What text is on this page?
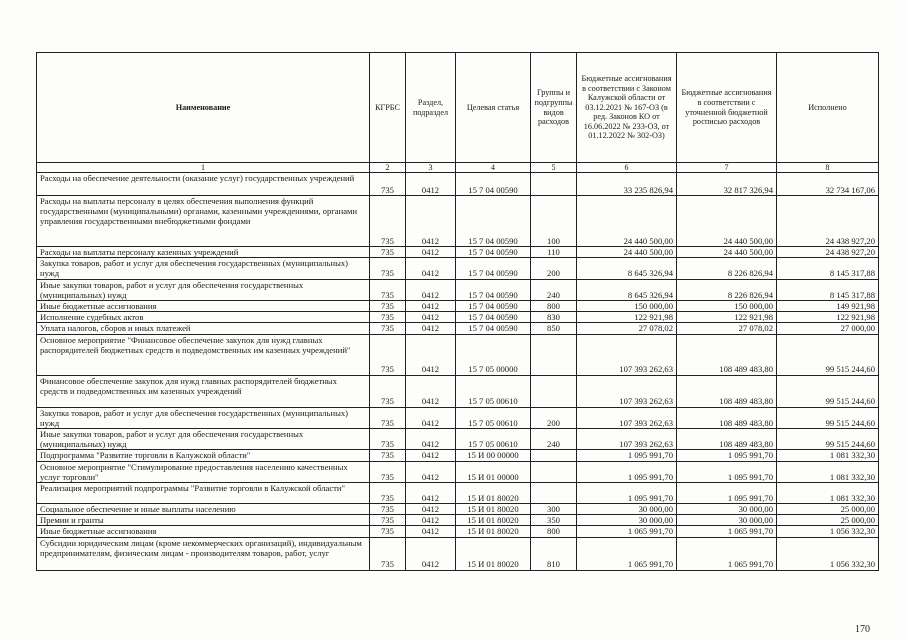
Наименование	КГРБС	Раздел, подраздел	Целевая статья	Группы и подгруппы видов расходов	Бюджетные ассигнования в соответствии с Законом Калужской области от 03.12.2021 № 167-ОЗ (в ред. Законов КО от 16.06.2022 № 233-ОЗ, от 01.12.2022 № 302-ОЗ)	Бюджетные ассигнования в соответствии с уточненной бюджетной росписью расходов	Исполнено
1	2	3	4	5	6	7	8
Расходы на обеспечение деятельности (оказание услуг) государственных учреждений	735	0412	15 7 04 00590		33 235 826,94	32 817 326,94	32 734 167,06
Расходы на выплаты персоналу в целях обеспечения выполнения функций государственными (муниципальными) органами, казенными учреждениями, органами управления государственными внебюджетными фондами	735	0412	15 7 04 00590	100	24 440 500,00	24 440 500,00	24 438 927,20
Расходы на выплаты персоналу казенных учреждений	735	0412	15 7 04 00590	110	24 440 500,00	24 440 500,00	24 438 927,20
Закупка товаров, работ и услуг для обеспечения государственных (муниципальных) нужд	735	0412	15 7 04 00590	200	8 645 326,94	8 226 826,94	8 145 317,88
Иные закупки товаров, работ и услуг для обеспечения государственных (муниципальных) нужд	735	0412	15 7 04 00590	240	8 645 326,94	8 226 826,94	8 145 317,88
Иные бюджетные ассигнования	735	0412	15 7 04 00590	800	150 000,00	150 000,00	149 921,98
Исполнение судебных актов	735	0412	15 7 04 00590	830	122 921,98	122 921,98	122 921,98
Уплата налогов, сборов и иных платежей	735	0412	15 7 04 00590	850	27 078,02	27 078,02	27 000,00
Основное мероприятие "Финансовое обеспечение закупок для нужд главных распорядителей бюджетных средств и подведомственных им казенных учреждений"	735	0412	15 7 05 00000		107 393 262,63	108 489 483,80	99 515 244,60
Финансовое обеспечение закупок для нужд главных распорядителей бюджетных средств и подведомственных им казенных учреждений	735	0412	15 7 05 00610		107 393 262,63	108 489 483,80	99 515 244,60
Закупка товаров, работ и услуг для обеспечения государственных (муниципальных) нужд	735	0412	15 7 05 00610	200	107 393 262,63	108 489 483,80	99 515 244,60
Иные закупки товаров, работ и услуг для обеспечения государственных (муниципальных) нужд	735	0412	15 7 05 00610	240	107 393 262,63	108 489 483,80	99 515 244,60
Подпрограмма "Развитие торговли в Калужской области"	735	0412	15 И 00 00000		1 095 991,70	1 095 991,70	1 081 332,30
Основное мероприятие "Стимулирование предоставления населению качественных услуг торговли"	735	0412	15 И 01 00000		1 095 991,70	1 095 991,70	1 081 332,30
Реализация мероприятий подпрограммы "Развитие торговли в Калужской области"	735	0412	15 И 01 80020		1 095 991,70	1 095 991,70	1 081 332,30
Социальное обеспечение и иные выплаты населению	735	0412	15 И 01 80020	300	30 000,00	30 000,00	25 000,00
Премии и гранты	735	0412	15 И 01 80020	350	30 000,00	30 000,00	25 000,00
Иные бюджетные ассигнования	735	0412	15 И 01 80020	800	1 065 991,70	1 065 991,70	1 056 332,30
Субсидии юридическим лицам (кроме некоммерческих организаций), индивидуальным предпринимателям, физическим лицам - производителям товаров, работ, услуг	735	0412	15 И 01 80020	810	1 065 991,70	1 065 991,70	1 056 332,30
170
